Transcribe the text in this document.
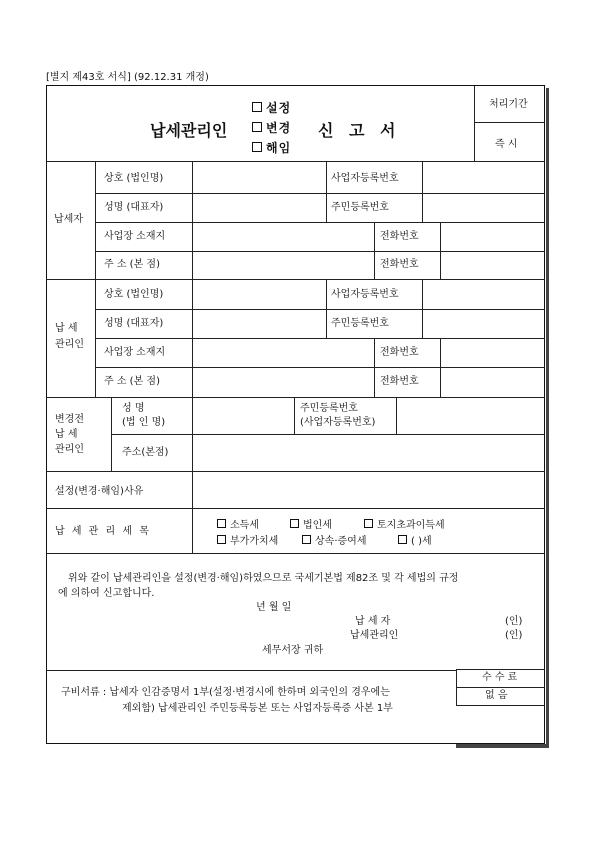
[별지 제43호 서식] (92.12.31 개정)
납세관리인
설정
변경
해임
신 고 서
처리기간
즉 시
납세자
상호 (법인명)	사업자등록번호
성명 (대표자)	주민등록번호
사업장 소재지	전화번호
주 소 (본 점)	전화번호
납 세
관리인
상호 (법인명)	사업자등록번호
성명 (대표자)	주민등록번호
사업장 소재지	전화번호
주 소 (본 점)	전화번호
변경전
납 세
관리인
성 명
(법 인 명)
주민등록번호
(사업자등록번호)
주소(본점)
설정(변경·해임)사유
납 세 관 리 세 목
소득세	법인세	토지초과이득세
부가가치세	상속·증여세	( )세
위와 같이 납세관리인을 설정(변경·해임)하였으므로 국세기본법 제82조 및 각 세법의 규정
에 의하여 신고합니다.
년 월 일
납 세 자	(인)
납세관리인	(인)
세무서장 귀하
수 수 료
없 음
구비서류 : 납세자 인감증명서 1부(설정·변경시에 한하며 외국인의 경우에는
제외함) 납세관리인 주민등록등본 또는 사업자등록증 사본 1부
